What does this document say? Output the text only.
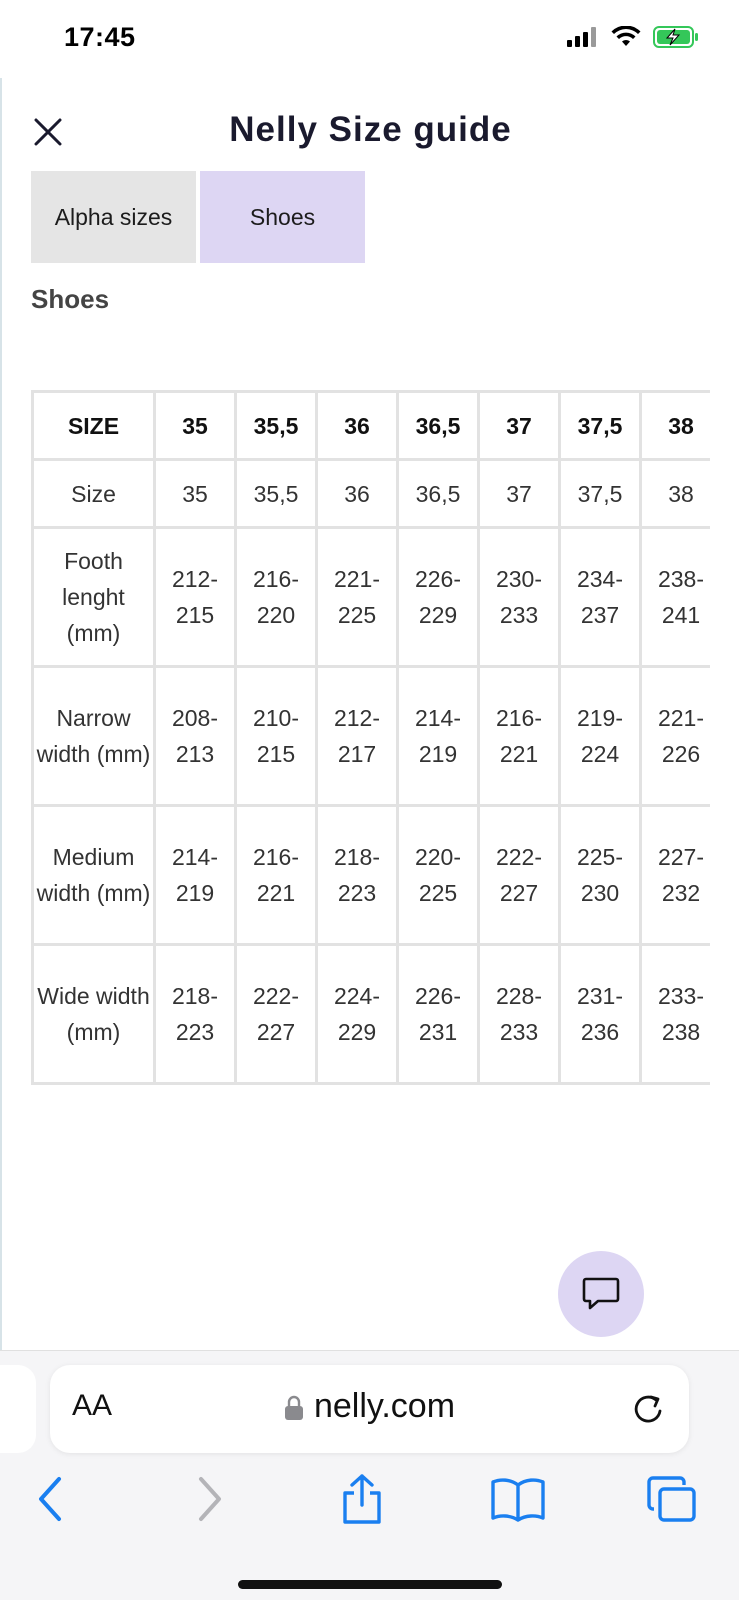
17:45
Nelly Size guide
Alpha sizes	Shoes
Shoes
SIZE	35	35,5	36	36,5	37	37,5	38
Size	35	35,5	36	36,5	37	37,5	38
Footh lenght (mm)	212-215	216-220	221-225	226-229	230-233	234-237	238-241
Narrow width (mm)	208-213	210-215	212-217	214-219	216-221	219-224	221-226
Medium width (mm)	214-219	216-221	218-223	220-225	222-227	225-230	227-232
Wide width (mm)	218-223	222-227	224-229	226-231	228-233	231-236	233-238
AA	nelly.com
